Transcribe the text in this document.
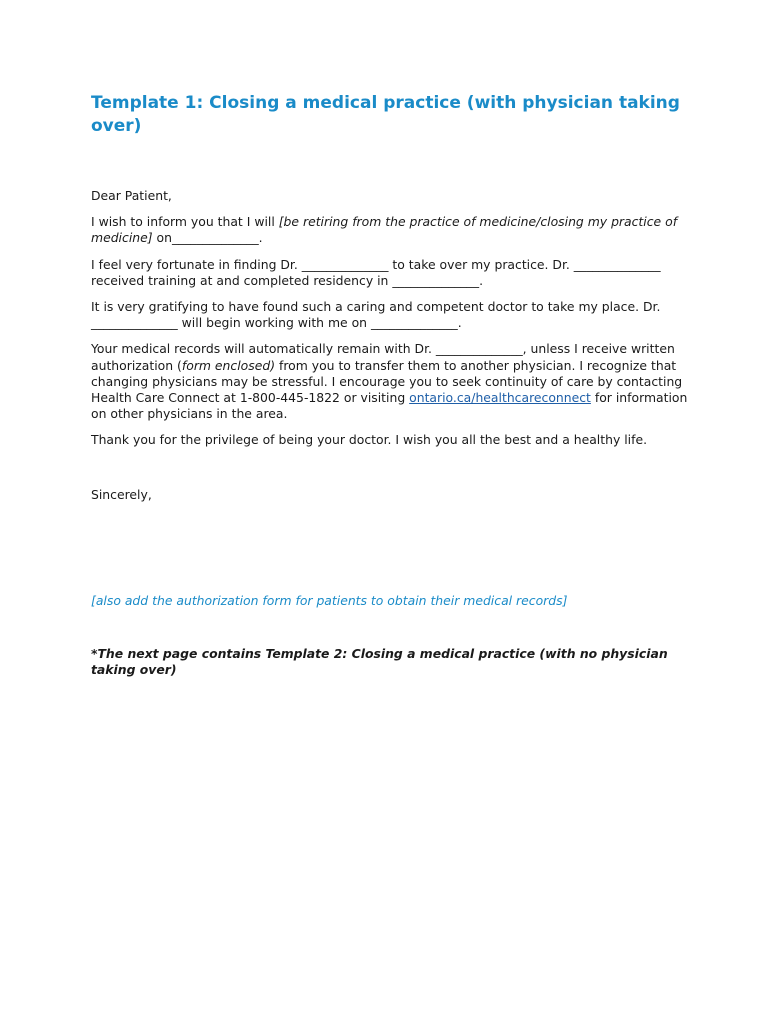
Template 1: Closing a medical practice (with physician taking over)

Dear Patient,

I wish to inform you that I will [be retiring from the practice of medicine/closing my practice of medicine] on______________.

I feel very fortunate in finding Dr. ______________ to take over my practice. Dr. ______________ received training at and completed residency in ______________.

It is very gratifying to have found such a caring and competent doctor to take my place. Dr. ______________ will begin working with me on ______________.

Your medical records will automatically remain with Dr. ______________, unless I receive written authorization (form enclosed) from you to transfer them to another physician. I recognize that changing physicians may be stressful. I encourage you to seek continuity of care by contacting Health Care Connect at 1-800-445-1822 or visiting ontario.ca/healthcareconnect for information on other physicians in the area.

Thank you for the privilege of being your doctor. I wish you all the best and a healthy life.

Sincerely,

[also add the authorization form for patients to obtain their medical records]

*The next page contains Template 2: Closing a medical practice (with no physician taking over)
